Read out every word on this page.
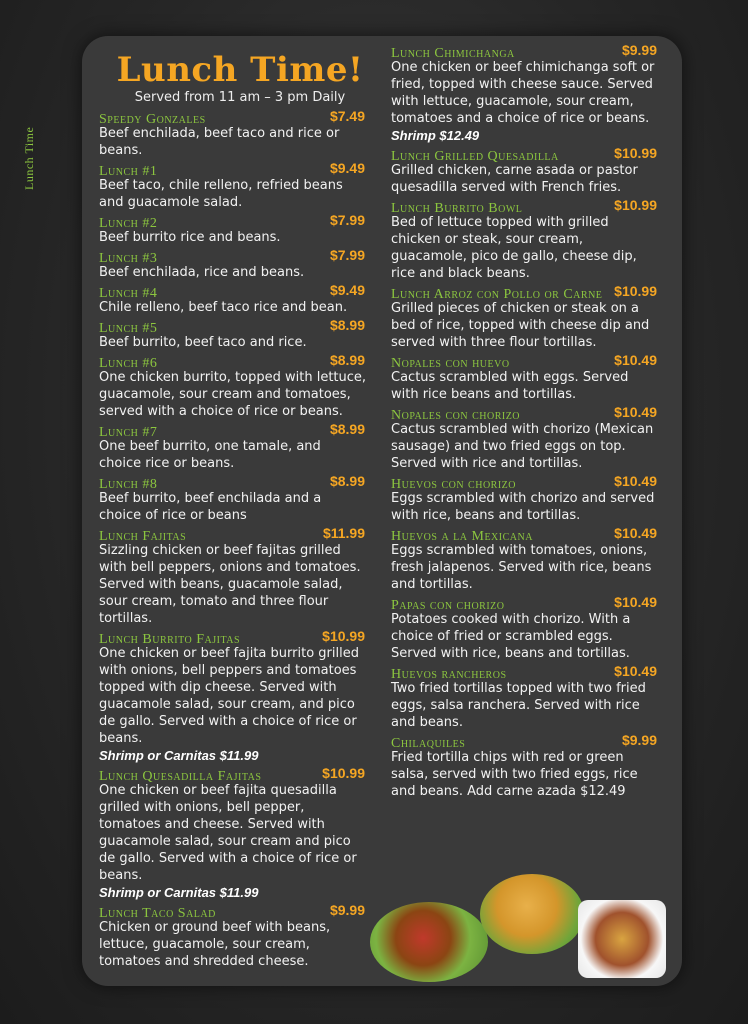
Lunch Time
Lunch Time!
Served from 11 am – 3 pm Daily
Speedy Gonzales	$7.49
Beef enchilada, beef taco and rice or beans.
Lunch #1	$9.49
Beef taco, chile relleno, refried beans and guacamole salad.
Lunch #2	$7.99
Beef burrito rice and beans.
Lunch #3	$7.99
Beef enchilada, rice and beans.
Lunch #4	$9.49
Chile relleno, beef taco rice and bean.
Lunch #5	$8.99
Beef burrito, beef taco and rice.
Lunch #6	$8.99
One chicken burrito, topped with lettuce, guacamole, sour cream and tomatoes, served with a choice of rice or beans.
Lunch #7	$8.99
One beef burrito, one tamale, and choice rice or beans.
Lunch #8	$8.99
Beef burrito, beef enchilada and a choice of rice or beans
Lunch Fajitas	$11.99
Sizzling chicken or beef fajitas grilled with bell peppers, onions and tomatoes. Served with beans, guacamole salad, sour cream, tomato and three flour tortillas.
Lunch Burrito Fajitas	$10.99
One chicken or beef fajita burrito grilled with onions, bell peppers and tomatoes topped with dip cheese. Served with guacamole salad, sour cream, and pico de gallo. Served with a choice of rice or beans.
Shrimp or Carnitas $11.99
Lunch Quesadilla Fajitas	$10.99
One chicken or beef fajita quesadilla grilled with onions, bell pepper, tomatoes and cheese. Served with guacamole salad, sour cream and pico de gallo. Served with a choice of rice or beans.
Shrimp or Carnitas $11.99
Lunch Taco Salad	$9.99
Chicken or ground beef with beans, lettuce, guacamole, sour cream, tomatoes and shredded cheese.
Lunch Chimichanga	$9.99
One chicken or beef chimichanga soft or fried, topped with cheese sauce. Served with lettuce, guacamole, sour cream, tomatoes and a choice of rice or beans.
Shrimp $12.49
Lunch Grilled Quesadilla	$10.99
Grilled chicken, carne asada or pastor quesadilla served with French fries.
Lunch Burrito Bowl	$10.99
Bed of lettuce topped with grilled chicken or steak, sour cream, guacamole, pico de gallo, cheese dip, rice and black beans.
Lunch Arroz con Pollo or Carne $10.99
Grilled pieces of chicken or steak on a bed of rice, topped with cheese dip and served with three flour tortillas.
Nopales con huevo	$10.49
Cactus scrambled with eggs. Served with rice beans and tortillas.
Nopales con chorizo	$10.49
Cactus scrambled with chorizo (Mexican sausage) and two fried eggs on top. Served with rice and tortillas.
Huevos con chorizo	$10.49
Eggs scrambled with chorizo and served with rice, beans and tortillas.
Huevos a la Mexicana	$10.49
Eggs scrambled with tomatoes, onions, fresh jalapenos. Served with rice, beans and tortillas.
Papas con chorizo	$10.49
Potatoes cooked with chorizo. With a choice of fried or scrambled eggs. Served with rice, beans and tortillas.
Huevos rancheros	$10.49
Two fried tortillas topped with two fried eggs, salsa ranchera. Served with rice and beans.
Chilaquiles	$9.99
Fried tortilla chips with red or green salsa, served with two fried eggs, rice and beans. Add carne azada $12.49
